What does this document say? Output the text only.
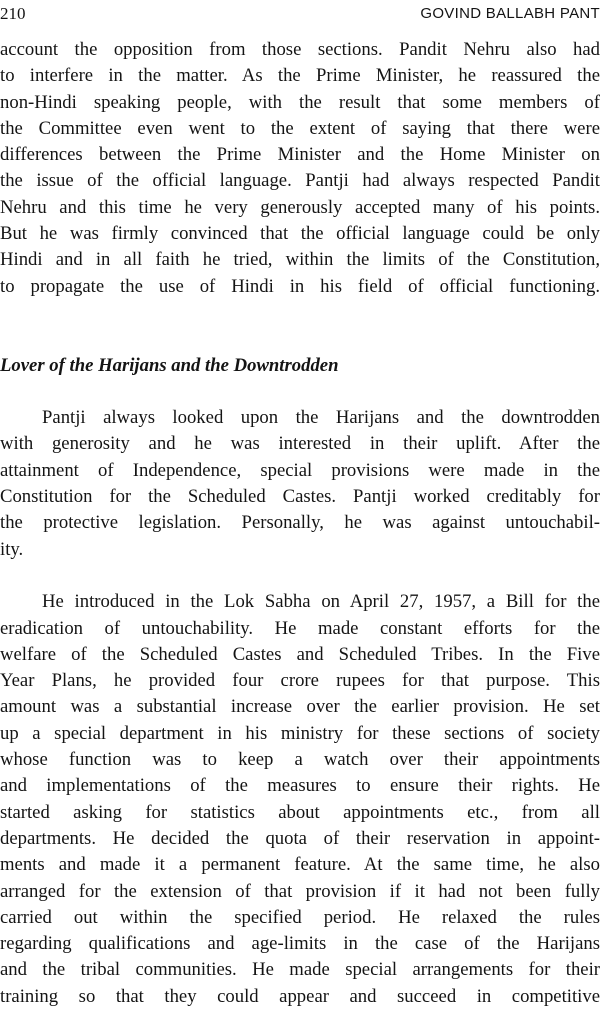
210	GOVIND BALLABH PANT
account the opposition from those sections. Pandit Nehru also had
to interfere in the matter. As the Prime Minister, he reassured the
non-Hindi speaking people, with the result that some members of
the Committee even went to the extent of saying that there were
differences between the Prime Minister and the Home Minister on
the issue of the official language. Pantji had always respected Pandit
Nehru and this time he very generously accepted many of his points.
But he was firmly convinced that the official language could be only
Hindi and in all faith he tried, within the limits of the Constitution,
to propagate the use of Hindi in his field of official functioning.
Lover of the Harijans and the Downtrodden
Pantji always looked upon the Harijans and the downtrodden
with generosity and he was interested in their uplift. After the
attainment of Independence, special provisions were made in the
Constitution for the Scheduled Castes. Pantji worked creditably for
the protective legislation. Personally, he was against untouchabil-
ity.
He introduced in the Lok Sabha on April 27, 1957, a Bill for the
eradication of untouchability. He made constant efforts for the
welfare of the Scheduled Castes and Scheduled Tribes. In the Five
Year Plans, he provided four crore rupees for that purpose. This
amount was a substantial increase over the earlier provision. He set
up a special department in his ministry for these sections of society
whose function was to keep a watch over their appointments
and implementations of the measures to ensure their rights. He
started asking for statistics about appointments etc., from all
departments. He decided the quota of their reservation in appoint-
ments and made it a permanent feature. At the same time, he also
arranged for the extension of that provision if it had not been fully
carried out within the specified period. He relaxed the rules
regarding qualifications and age-limits in the case of the Harijans
and the tribal communities. He made special arrangements for their
training so that they could appear and succeed in competitive
